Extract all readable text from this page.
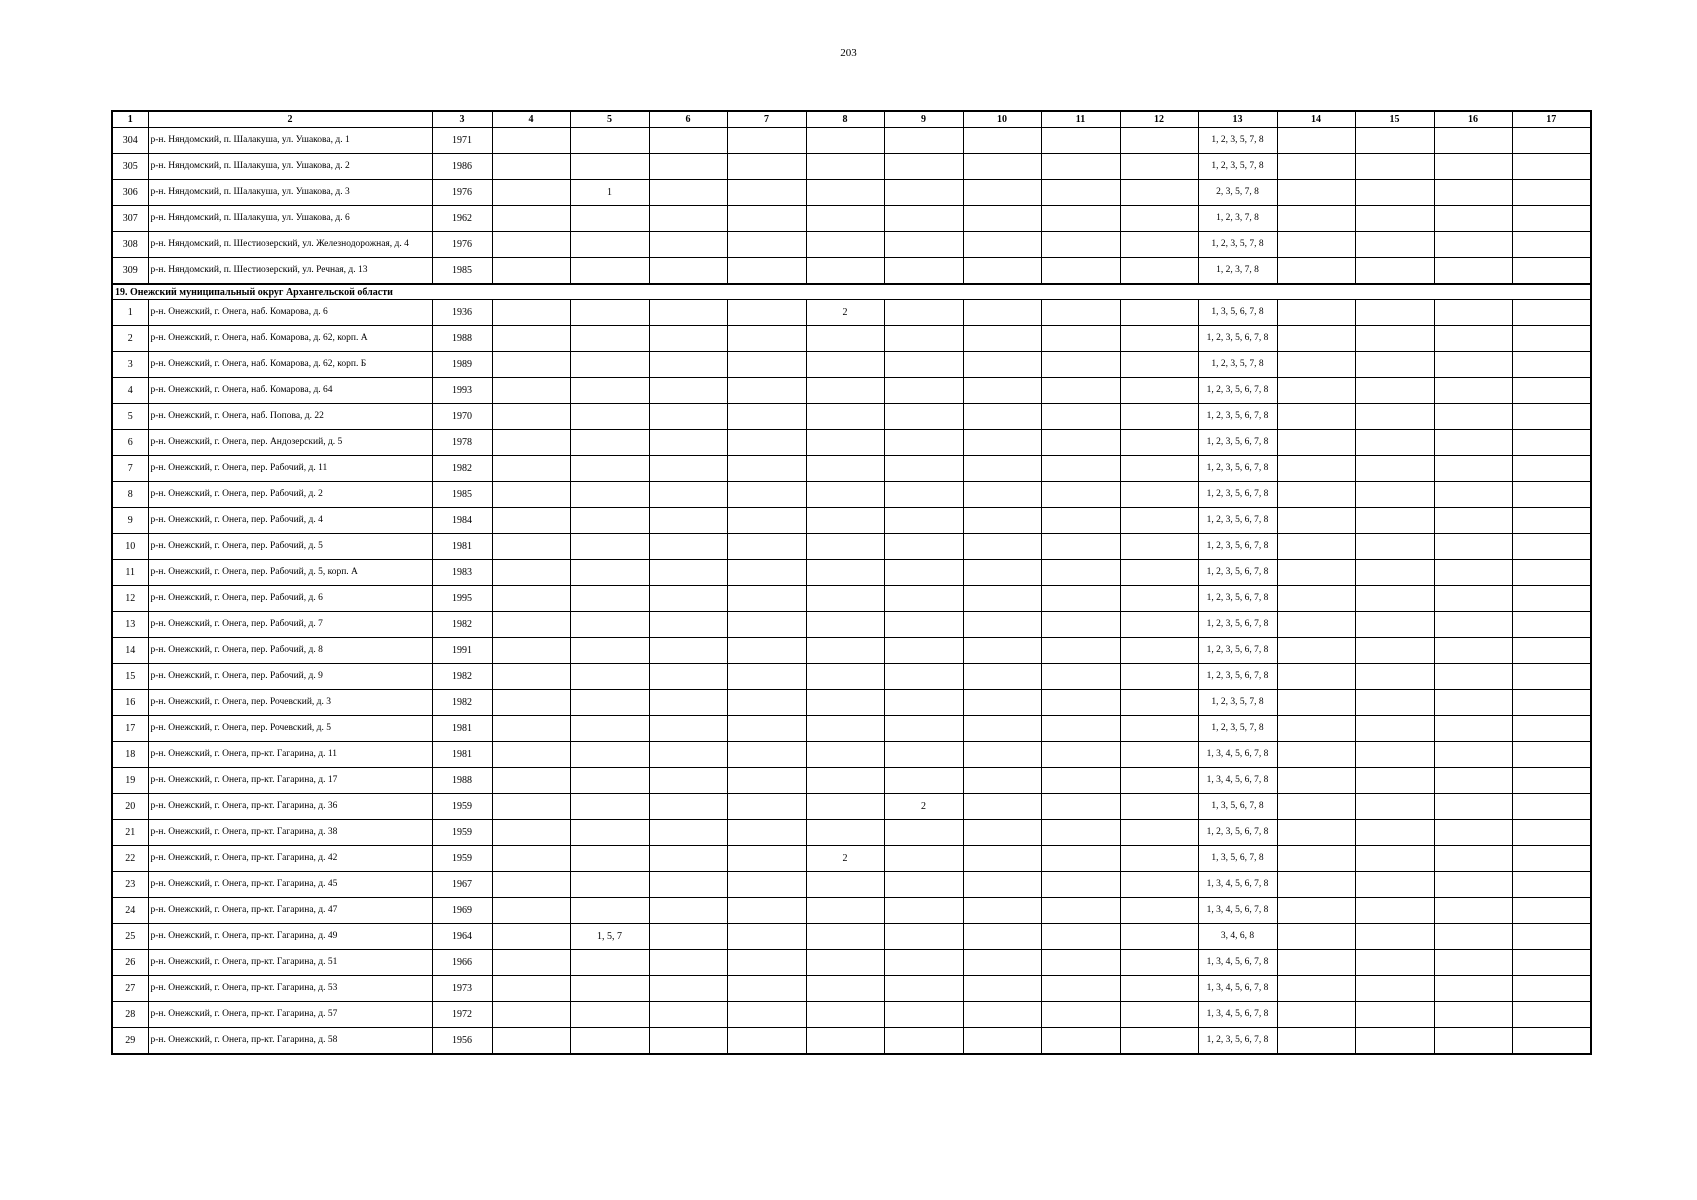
203
1	2	3	4	5	6	7	8	9	10	11	12	13	14	15	16	17
304	р-н. Няндомский, п. Шалакуша, ул. Ушакова, д. 1	1971										1, 2, 3, 5, 7, 8				
305	р-н. Няндомский, п. Шалакуша, ул. Ушакова, д. 2	1986										1, 2, 3, 5, 7, 8				
306	р-н. Няндомский, п. Шалакуша, ул. Ушакова, д. 3	1976		1								2, 3, 5, 7, 8				
307	р-н. Няндомский, п. Шалакуша, ул. Ушакова, д. 6	1962										1, 2, 3, 7, 8				
308	р-н. Няндомский, п. Шестиозерский, ул. Железнодорожная, д. 4	1976										1, 2, 3, 5, 7, 8				
309	р-н. Няндомский, п. Шестиозерский, ул. Речная, д. 13	1985										1, 2, 3, 7, 8				
19. Онежский муниципальный округ Архангельской области																
1	р-н. Онежский, г. Онега, наб. Комарова, д. 6	1936					2					1, 3, 5, 6, 7, 8				
2	р-н. Онежский, г. Онега, наб. Комарова, д. 62, корп. А	1988										1, 2, 3, 5, 6, 7, 8				
3	р-н. Онежский, г. Онега, наб. Комарова, д. 62, корп. Б	1989										1, 2, 3, 5, 7, 8				
4	р-н. Онежский, г. Онега, наб. Комарова, д. 64	1993										1, 2, 3, 5, 6, 7, 8				
5	р-н. Онежский, г. Онега, наб. Попова, д. 22	1970										1, 2, 3, 5, 6, 7, 8				
6	р-н. Онежский, г. Онега, пер. Андозерский, д. 5	1978										1, 2, 3, 5, 6, 7, 8				
7	р-н. Онежский, г. Онега, пер. Рабочий, д. 11	1982										1, 2, 3, 5, 6, 7, 8				
8	р-н. Онежский, г. Онега, пер. Рабочий, д. 2	1985										1, 2, 3, 5, 6, 7, 8				
9	р-н. Онежский, г. Онега, пер. Рабочий, д. 4	1984										1, 2, 3, 5, 6, 7, 8				
10	р-н. Онежский, г. Онега, пер. Рабочий, д. 5	1981										1, 2, 3, 5, 6, 7, 8				
11	р-н. Онежский, г. Онега, пер. Рабочий, д. 5, корп. А	1983										1, 2, 3, 5, 6, 7, 8				
12	р-н. Онежский, г. Онега, пер. Рабочий, д. 6	1995										1, 2, 3, 5, 6, 7, 8				
13	р-н. Онежский, г. Онега, пер. Рабочий, д. 7	1982										1, 2, 3, 5, 6, 7, 8				
14	р-н. Онежский, г. Онега, пер. Рабочий, д. 8	1991										1, 2, 3, 5, 6, 7, 8				
15	р-н. Онежский, г. Онега, пер. Рабочий, д. 9	1982										1, 2, 3, 5, 6, 7, 8				
16	р-н. Онежский, г. Онега, пер. Рочевский, д. 3	1982										1, 2, 3, 5, 7, 8				
17	р-н. Онежский, г. Онега, пер. Рочевский, д. 5	1981										1, 2, 3, 5, 7, 8				
18	р-н. Онежский, г. Онега, пр-кт. Гагарина, д. 11	1981										1, 3, 4, 5, 6, 7, 8				
19	р-н. Онежский, г. Онега, пр-кт. Гагарина, д. 17	1988										1, 3, 4, 5, 6, 7, 8				
20	р-н. Онежский, г. Онега, пр-кт. Гагарина, д. 36	1959						2				1, 3, 5, 6, 7, 8				
21	р-н. Онежский, г. Онега, пр-кт. Гагарина, д. 38	1959										1, 2, 3, 5, 6, 7, 8				
22	р-н. Онежский, г. Онега, пр-кт. Гагарина, д. 42	1959					2					1, 3, 5, 6, 7, 8				
23	р-н. Онежский, г. Онега, пр-кт. Гагарина, д. 45	1967										1, 3, 4, 5, 6, 7, 8				
24	р-н. Онежский, г. Онега, пр-кт. Гагарина, д. 47	1969										1, 3, 4, 5, 6, 7, 8				
25	р-н. Онежский, г. Онега, пр-кт. Гагарина, д. 49	1964		1, 5, 7								3, 4, 6, 8				
26	р-н. Онежский, г. Онега, пр-кт. Гагарина, д. 51	1966										1, 3, 4, 5, 6, 7, 8				
27	р-н. Онежский, г. Онега, пр-кт. Гагарина, д. 53	1973										1, 3, 4, 5, 6, 7, 8				
28	р-н. Онежский, г. Онега, пр-кт. Гагарина, д. 57	1972										1, 3, 4, 5, 6, 7, 8				
29	р-н. Онежский, г. Онега, пр-кт. Гагарина, д. 58	1956										1, 2, 3, 5, 6, 7, 8				
